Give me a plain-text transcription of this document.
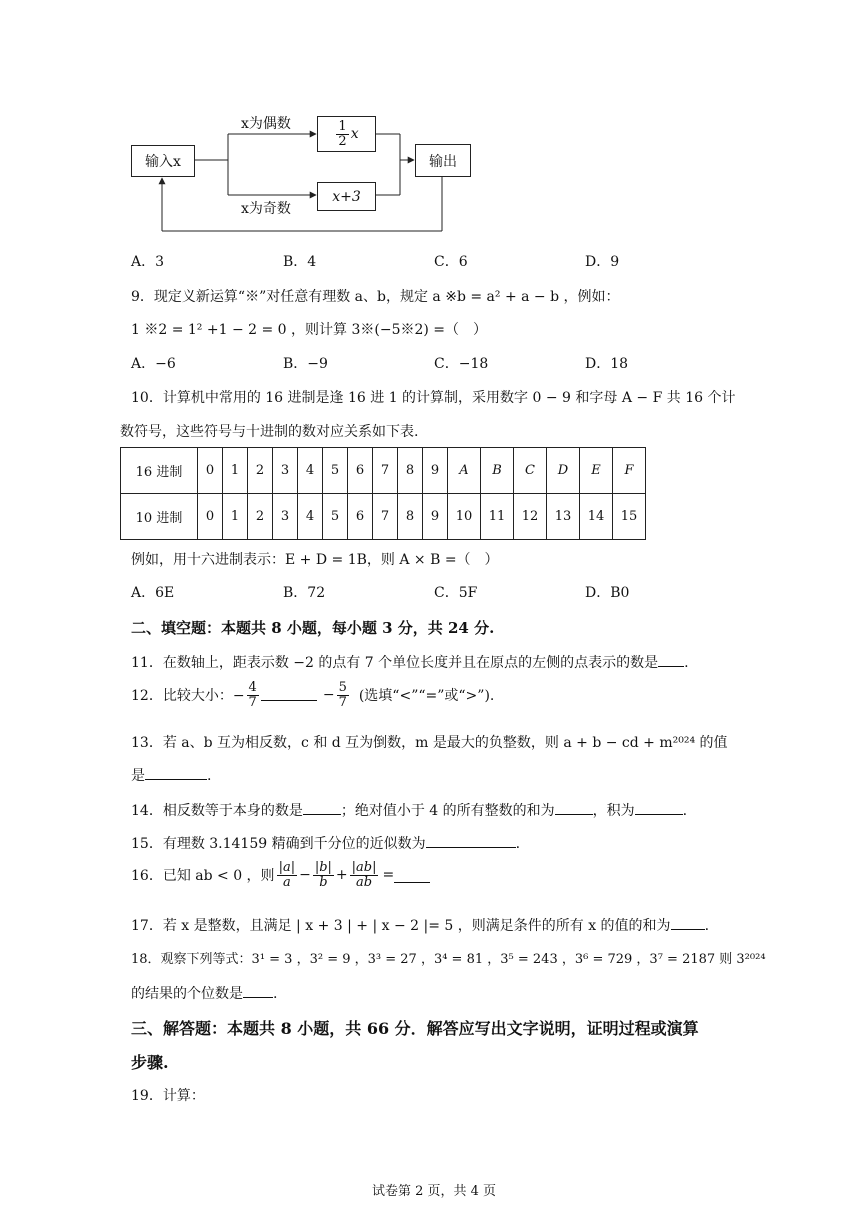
输入x
$\frac{1}{2}$ x
x+3
输出
x为偶数
x为奇数
A．3	B．4	C．6	D．9
9．现定义新运算“※”对任意有理数 a、b，规定 a ※b = a² + a − b ，例如：
1 ※2 = 1² +1 − 2 = 0 ，则计算 3※(−5※2) =（　）
A．−6	B．−9	C．−18	D．18
10．计算机中常用的 16 进制是逢 16 进 1 的计算制，采用数字 0 − 9 和字母 A − F 共 16 个计
数符号，这些符号与十进制的数对应关系如下表.
16 进制	0	1	2	3	4	5	6	7	8	9	A	B	C	D	E	F
10 进制	0	1	2	3	4	5	6	7	8	9	10	11	12	13	14	15
例如，用十六进制表示：E + D = 1B，则 A × B =（　）
A．6E	B．72	C．5F	D．B0
二、填空题：本题共 8 小题，每小题 3 分，共 24 分.
11．在数轴上，距表示数 −2 的点有 7 个单位长度并且在原点的左侧的点表示的数是 .
12．比较大小：− $\frac{4}{7}$	− $\frac{5}{7}$ (选填“<”“=”或“>”).
13．若 a、b 互为相反数，c 和 d 互为倒数，m 是最大的负整数，则 a + b − cd + m²⁰²⁴ 的值
是	.
14．相反数等于本身的数是	；绝对值小于 4 的所有整数的和为	，积为	.
15．有理数 3.14159 精确到千分位的近似数为	.
16．已知 ab < 0 ，则 $\frac{|a|}{a} - \frac{|b|}{b} + \frac{|ab|}{ab}$ =
17．若 x 是整数，且满足 | x + 3 | + | x − 2 |= 5 ，则满足条件的所有 x 的值的和为 .
18．观察下列等式：3¹ = 3 ，3² = 9 ，3³ = 27 ，3⁴ = 81 ，3⁵ = 243 ，3⁶ = 729 ，3⁷ = 2187 则 3²⁰²⁴
的结果的个位数是 .
三、解答题：本题共 8 小题，共 66 分．解答应写出文字说明，证明过程或演算
步骤.
19．计算：
试卷第 2 页，共 4 页
